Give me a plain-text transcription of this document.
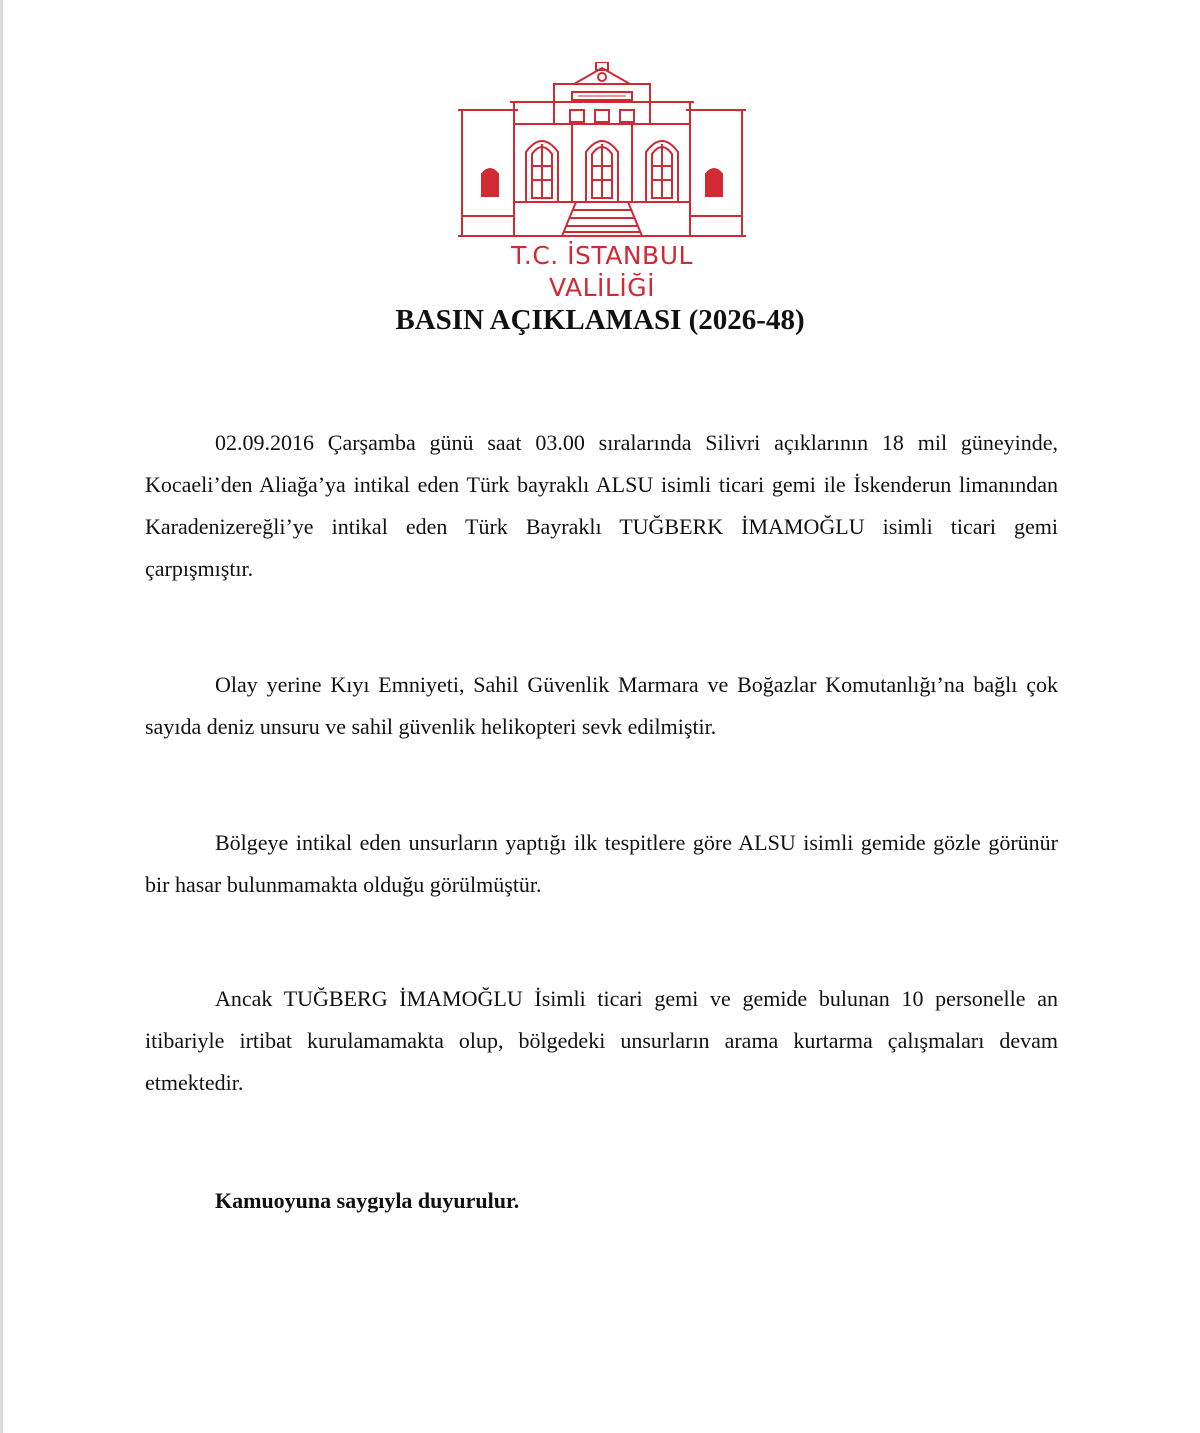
T.C. İSTANBUL VALİLİĞİ
BASIN AÇIKLAMASI (2026-48)

02.09.2016 Çarşamba günü saat 03.00 sıralarında Silivri açıklarının 18 mil güneyinde, Kocaeli’den Aliağa’ya intikal eden Türk bayraklı ALSU isimli ticari gemi ile İskenderun limanından Karadenizereğli’ye intikal eden Türk Bayraklı TUĞBERK İMAMOĞLU isimli ticari gemi çarpışmıştır.

Olay yerine Kıyı Emniyeti, Sahil Güvenlik Marmara ve Boğazlar Komutanlığı’na bağlı çok sayıda deniz unsuru ve sahil güvenlik helikopteri sevk edilmiştir.

Bölgeye intikal eden unsurların yaptığı ilk tespitlere göre ALSU isimli gemide gözle görünür bir hasar bulunmamakta olduğu görülmüştür.

Ancak TUĞBERG İMAMOĞLU İsimli ticari gemi ve gemide bulunan 10 personelle an itibariyle irtibat kurulamamakta olup, bölgedeki unsurların arama kurtarma çalışmaları devam etmektedir.

Kamuoyuna saygıyla duyurulur.
